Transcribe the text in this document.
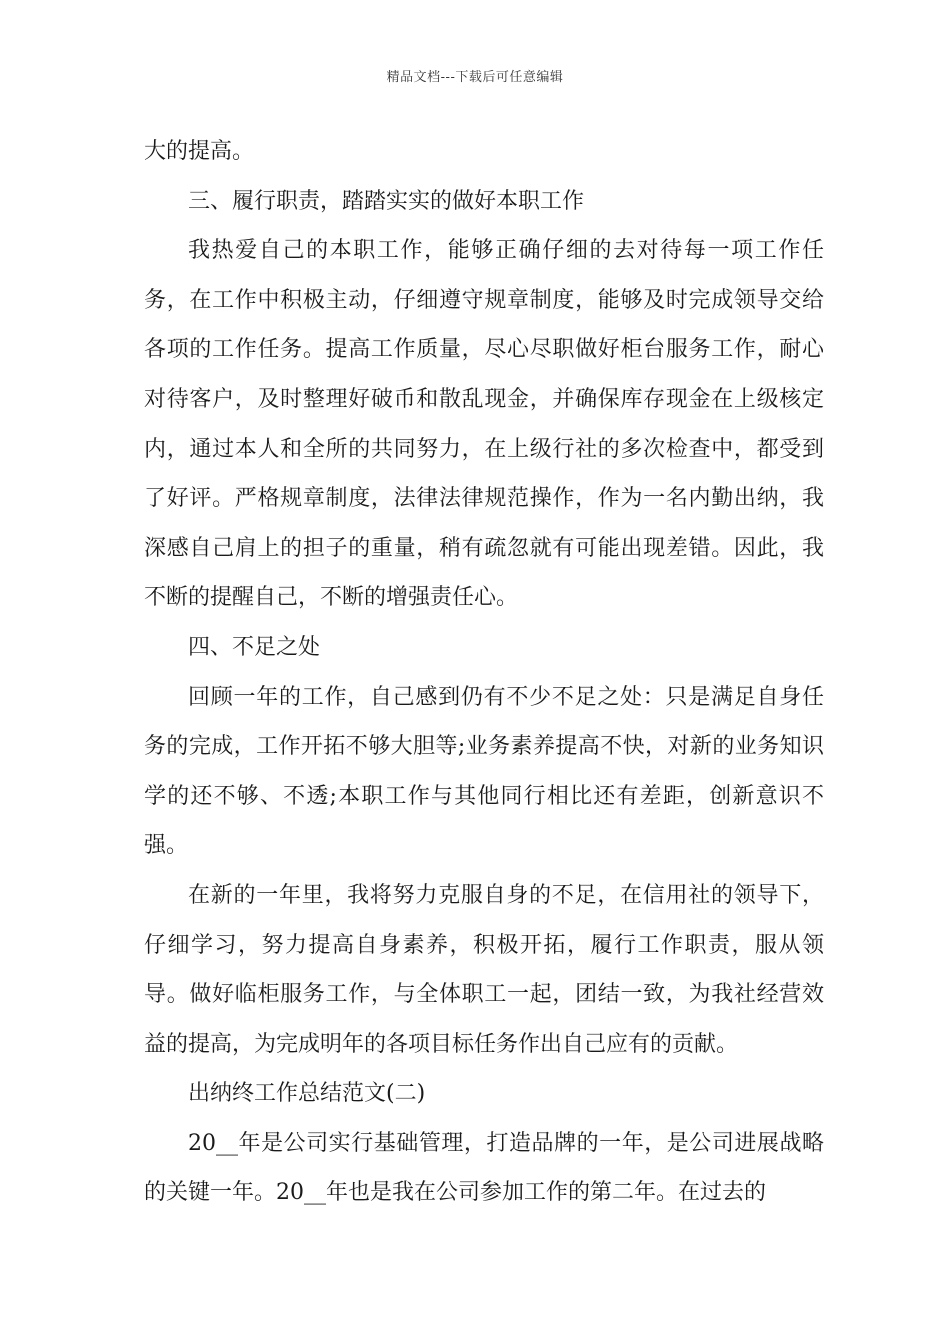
精品文档---下载后可任意编辑

大的提高。

三、履行职责，踏踏实实的做好本职工作

我热爱自己的本职工作，能够正确仔细的去对待每一项工作任务，在工作中积极主动，仔细遵守规章制度，能够及时完成领导交给各项的工作任务。提高工作质量，尽心尽职做好柜台服务工作，耐心对待客户，及时整理好破币和散乱现金，并确保库存现金在上级核定内，通过本人和全所的共同努力，在上级行社的多次检查中，都受到了好评。严格规章制度，法律法律规范操作，作为一名内勤出纳，我深感自己肩上的担子的重量，稍有疏忽就有可能出现差错。因此，我不断的提醒自己，不断的增强责任心。

四、不足之处

回顾一年的工作，自己感到仍有不少不足之处：只是满足自身任务的完成，工作开拓不够大胆等;业务素养提高不快，对新的业务知识学的还不够、不透;本职工作与其他同行相比还有差距，创新意识不强。

在新的一年里，我将努力克服自身的不足，在信用社的领导下，仔细学习，努力提高自身素养，积极开拓，履行工作职责，服从领导。做好临柜服务工作，与全体职工一起，团结一致，为我社经营效益的提高，为完成明年的各项目标任务作出自己应有的贡献。

出纳终工作总结范文(二)

20__年是公司实行基础管理，打造品牌的一年，是公司进展战略的关键一年。20__年也是我在公司参加工作的第二年。在过去的
